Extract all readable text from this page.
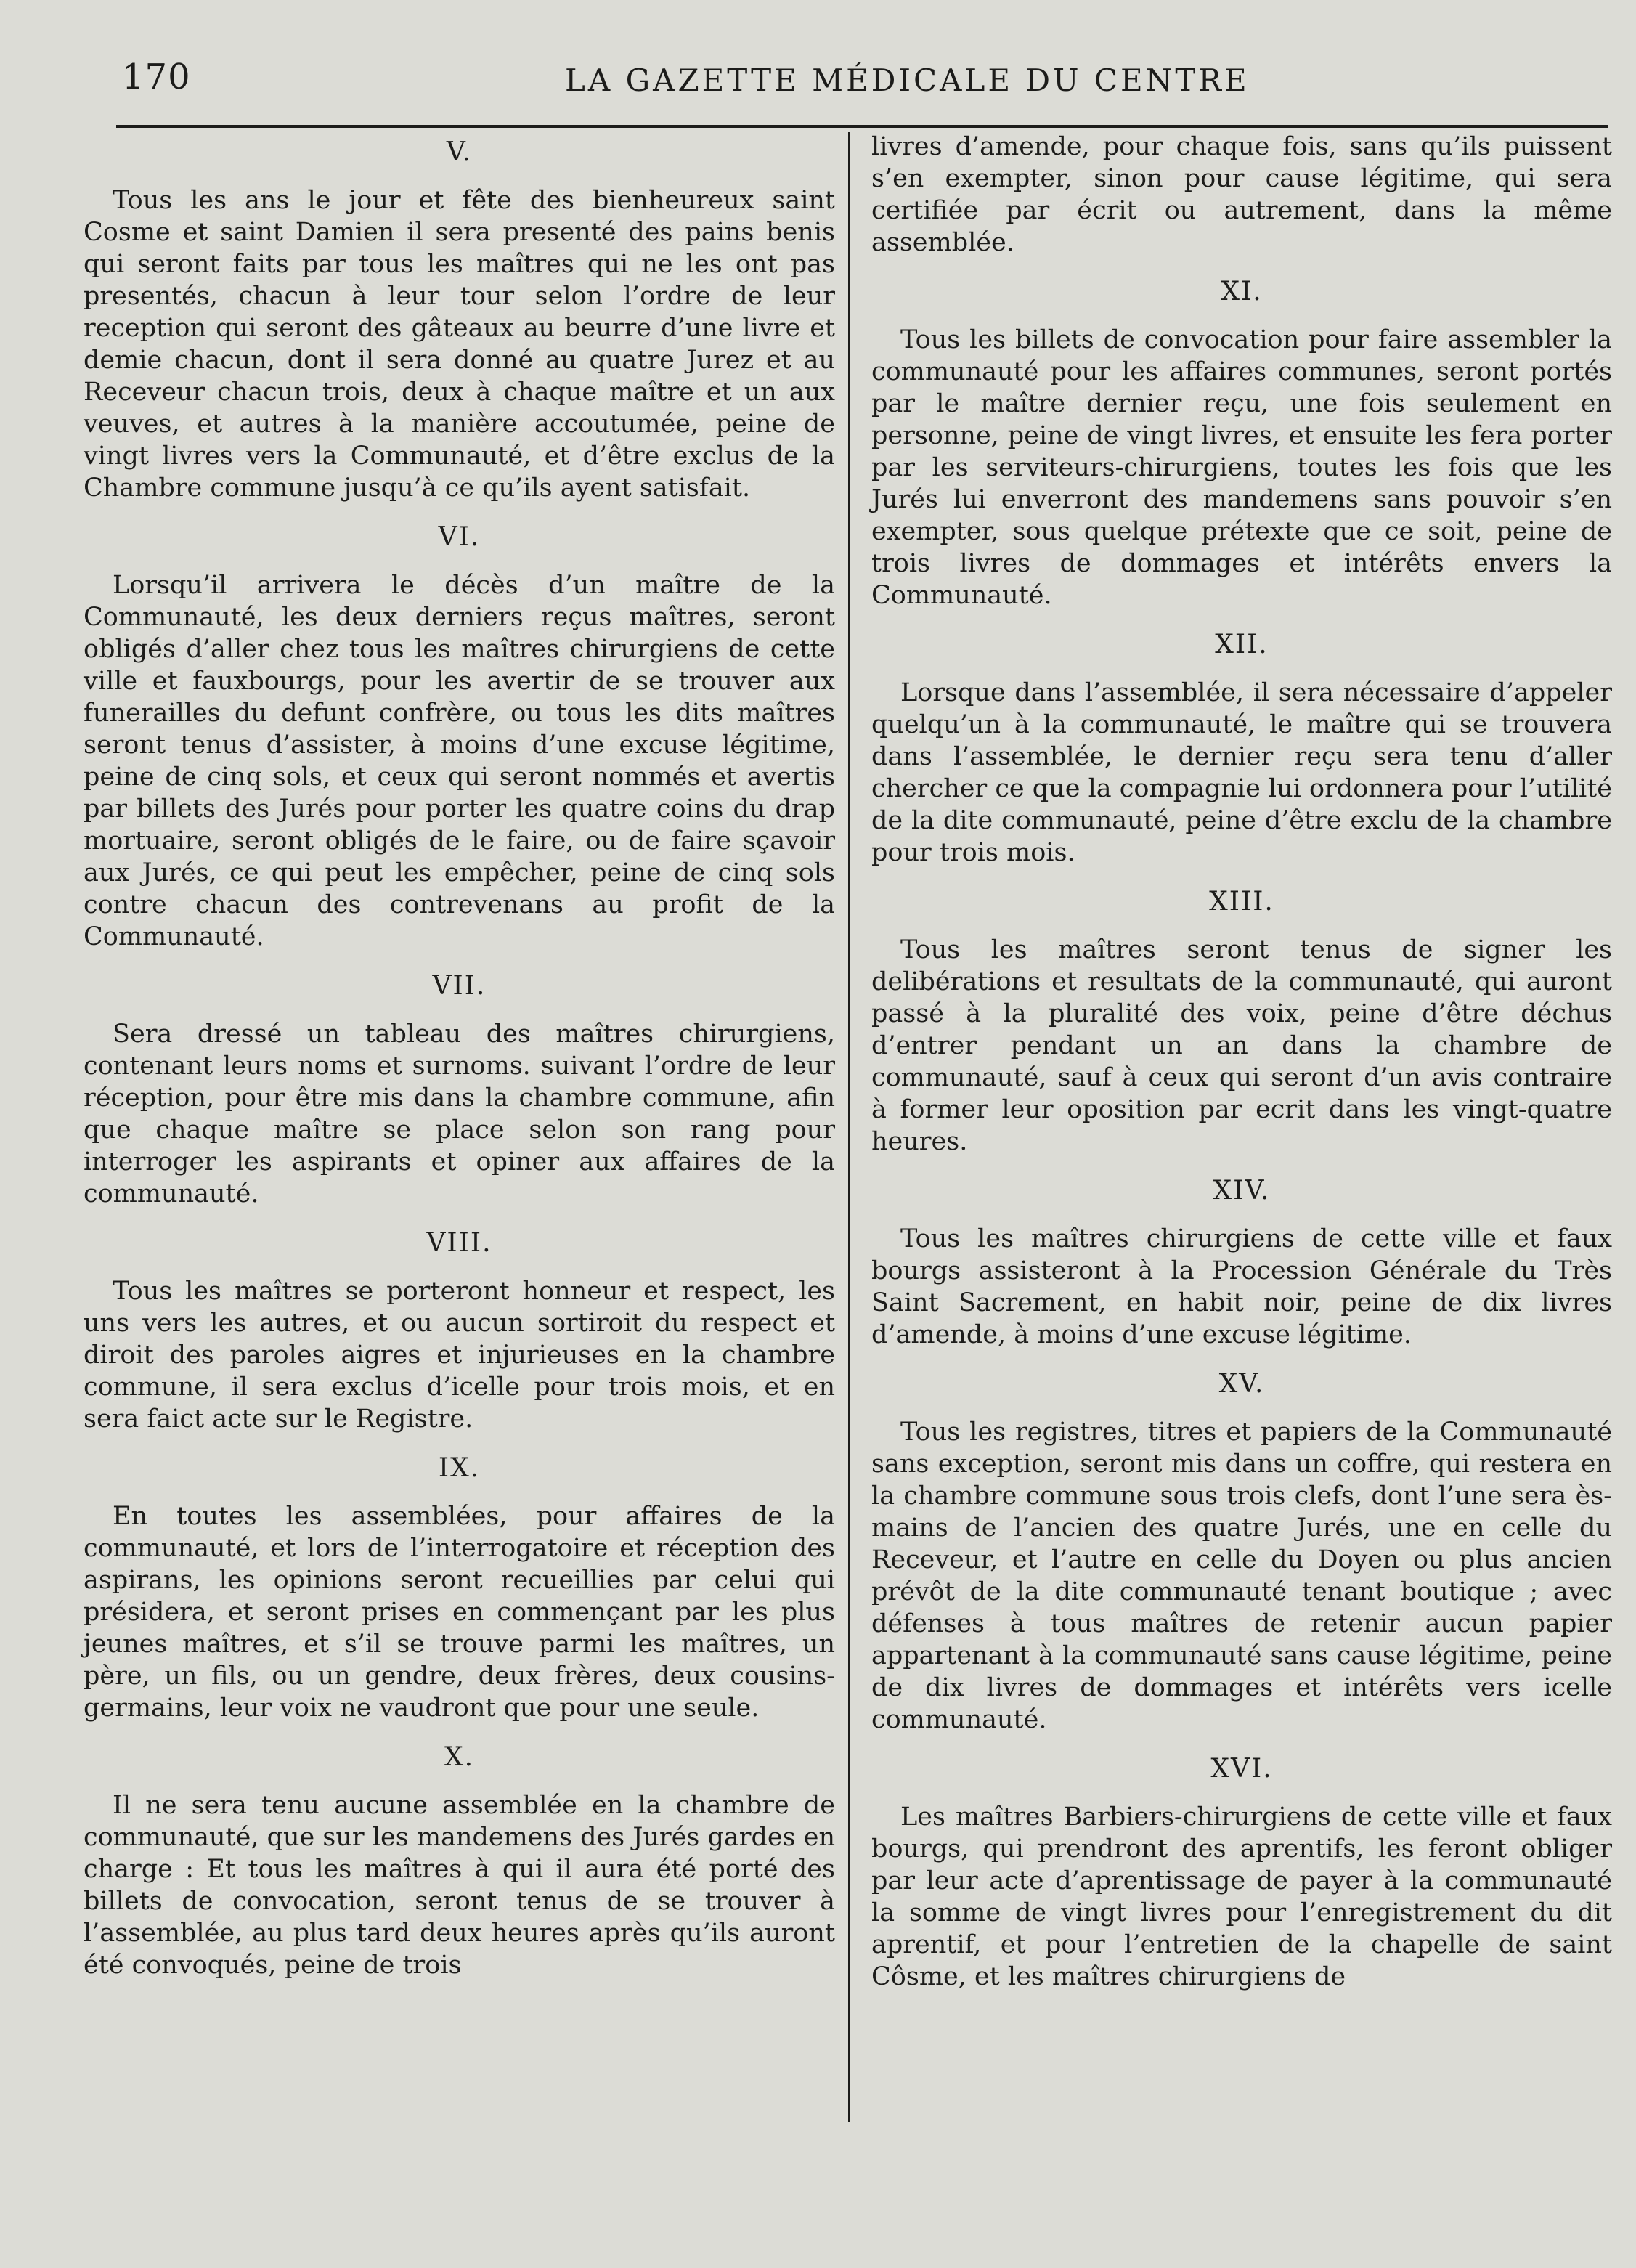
170	LA GAZETTE MÉDICALE DU CENTRE
V.

Tous les ans le jour et fête des bienheureux saint Cosme et saint Damien il sera presenté des pains benis qui seront faits par tous les maîtres qui ne les ont pas presentés, chacun à leur tour selon l’ordre de leur reception qui seront des gâteaux au beurre d’une livre et demie chacun, dont il sera donné au quatre Jurez et au Receveur chacun trois, deux à chaque maître et un aux veuves, et autres à la manière accoutumée, peine de vingt livres vers la Communauté, et d’être exclus de la Chambre commune jusqu’à ce qu’ils ayent satisfait.

VI.

Lorsqu’il arrivera le décès d’un maître de la Communauté, les deux derniers reçus maîtres, seront obligés d’aller chez tous les maîtres chirurgiens de cette ville et fauxbourgs, pour les avertir de se trouver aux funerailles du defunt confrère, ou tous les dits maîtres seront tenus d’assister, à moins d’une excuse légitime, peine de cinq sols, et ceux qui seront nommés et avertis par billets des Jurés pour porter les quatre coins du drap mortuaire, seront obligés de le faire, ou de faire sçavoir aux Jurés, ce qui peut les empêcher, peine de cinq sols contre chacun des contrevenans au profit de la Communauté.

VII.

Sera dressé un tableau des maîtres chirurgiens, contenant leurs noms et surnoms. suivant l’ordre de leur réception, pour être mis dans la chambre commune, afin que chaque maître se place selon son rang pour interroger les aspirants et opiner aux affaires de la communauté.

VIII.

Tous les maîtres se porteront honneur et respect, les uns vers les autres, et ou aucun sortiroit du respect et diroit des paroles aigres et injurieuses en la chambre commune, il sera exclus d’icelle pour trois mois, et en sera faict acte sur le Registre.

IX.

En toutes les assemblées, pour affaires de la communauté, et lors de l’interrogatoire et réception des aspirans, les opinions seront recueillies par celui qui présidera, et seront prises en commençant par les plus jeunes maîtres, et s’il se trouve parmi les maîtres, un père, un fils, ou un gendre, deux frères, deux cousins-germains, leur voix ne vaudront que pour une seule.

X.

Il ne sera tenu aucune assemblée en la chambre de communauté, que sur les mandemens des Jurés gardes en charge : Et tous les maîtres à qui il aura été porté des billets de convocation, seront tenus de se trouver à l’assemblée, au plus tard deux heures après qu’ils auront été convoqués, peine de trois

livres d’amende, pour chaque fois, sans qu’ils puissent s’en exempter, sinon pour cause légitime, qui sera certifiée par écrit ou autrement, dans la même assemblée.

XI.

Tous les billets de convocation pour faire assembler la communauté pour les affaires communes, seront portés par le maître dernier reçu, une fois seulement en personne, peine de vingt livres, et ensuite les fera porter par les serviteurs-chirurgiens, toutes les fois que les Jurés lui enverront des mandemens sans pouvoir s’en exempter, sous quelque prétexte que ce soit, peine de trois livres de dommages et intérêts envers la Communauté.

XII.

Lorsque dans l’assemblée, il sera nécessaire d’appeler quelqu’un à la communauté, le maître qui se trouvera dans l’assemblée, le dernier reçu sera tenu d’aller chercher ce que la compagnie lui ordonnera pour l’utilité de la dite communauté, peine d’être exclu de la chambre pour trois mois.

XIII.

Tous les maîtres seront tenus de signer les delibérations et resultats de la communauté, qui auront passé à la pluralité des voix, peine d’être déchus d’entrer pendant un an dans la chambre de communauté, sauf à ceux qui seront d’un avis contraire à former leur oposition par ecrit dans les vingt-quatre heures.

XIV.

Tous les maîtres chirurgiens de cette ville et faux bourgs assisteront à la Procession Générale du Très Saint Sacrement, en habit noir, peine de dix livres d’amende, à moins d’une excuse légitime.

XV.

Tous les registres, titres et papiers de la Communauté sans exception, seront mis dans un coffre, qui restera en la chambre commune sous trois clefs, dont l’une sera ès-mains de l’ancien des quatre Jurés, une en celle du Receveur, et l’autre en celle du Doyen ou plus ancien prévôt de la dite communauté tenant boutique ; avec défenses à tous maîtres de retenir aucun papier appartenant à la communauté sans cause légitime, peine de dix livres de dommages et intérêts vers icelle communauté.

XVI.

Les maîtres Barbiers-chirurgiens de cette ville et faux bourgs, qui prendront des aprentifs, les feront obliger par leur acte d’aprentissage de payer à la communauté la somme de vingt livres pour l’enregistrement du dit aprentif, et pour l’entretien de la chapelle de saint Côsme, et les maîtres chirurgiens de
